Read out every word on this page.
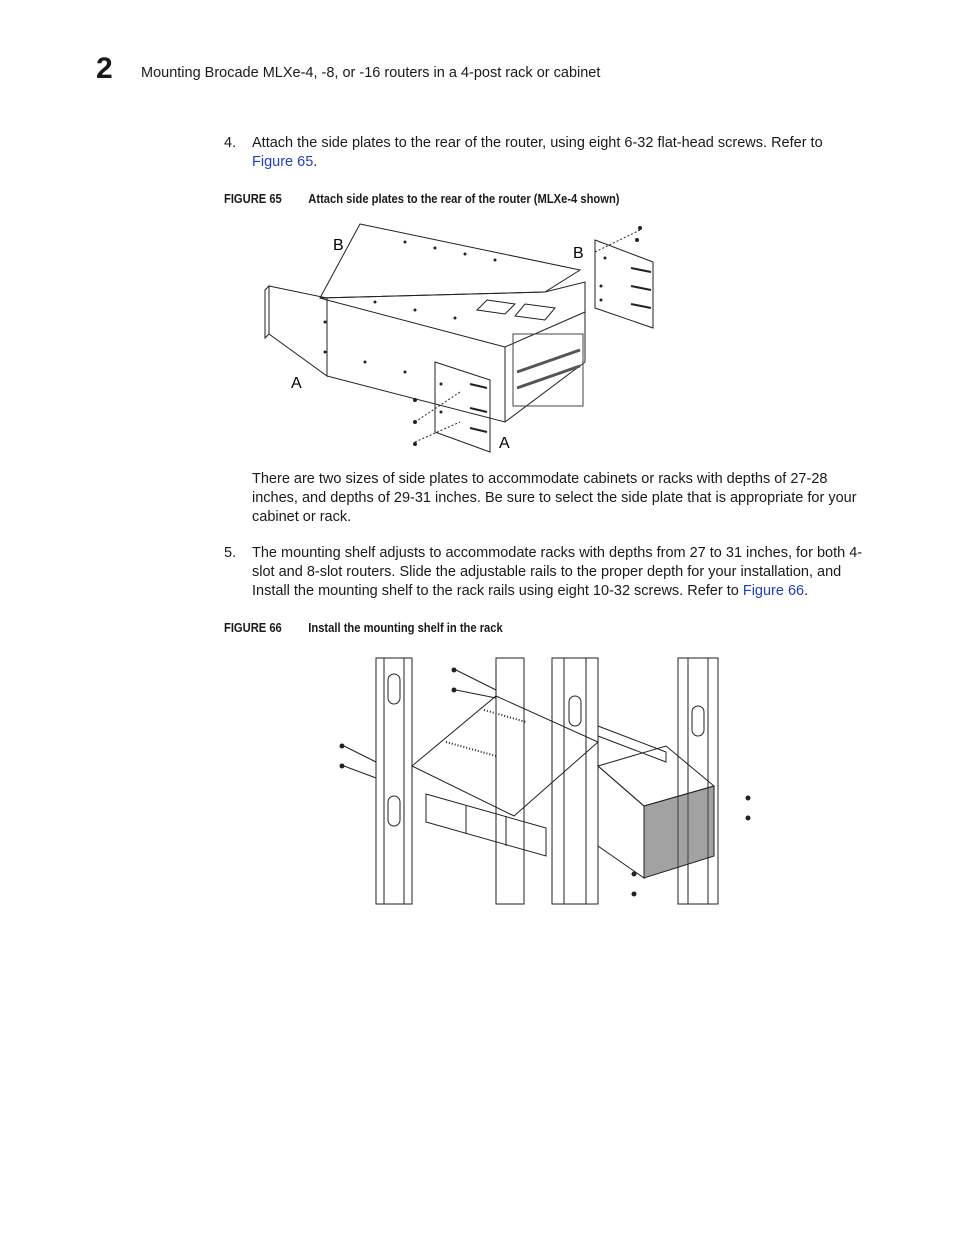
2 Mounting Brocade MLXe-4, -8, or -16 routers in a 4-post rack or cabinet
4. Attach the side plates to the rear of the router, using eight 6-32 flat-head screws. Refer to
Figure 65.
FIGURE 65 Attach side plates to the rear of the router (MLXe-4 shown)
B	B
A
A
There are two sizes of side plates to accommodate cabinets or racks with depths of 27-28 inches, and depths of 29-31 inches. Be sure to select the side plate that is appropriate for your cabinet or rack.
5. The mounting shelf adjusts to accommodate racks with depths from 27 to 31 inches, for both 4-slot and 8-slot routers. Slide the adjustable rails to the proper depth for your installation, and Install the mounting shelf to the rack rails using eight 10-32 screws. Refer to Figure 66.
FIGURE 66 Install the mounting shelf in the rack
